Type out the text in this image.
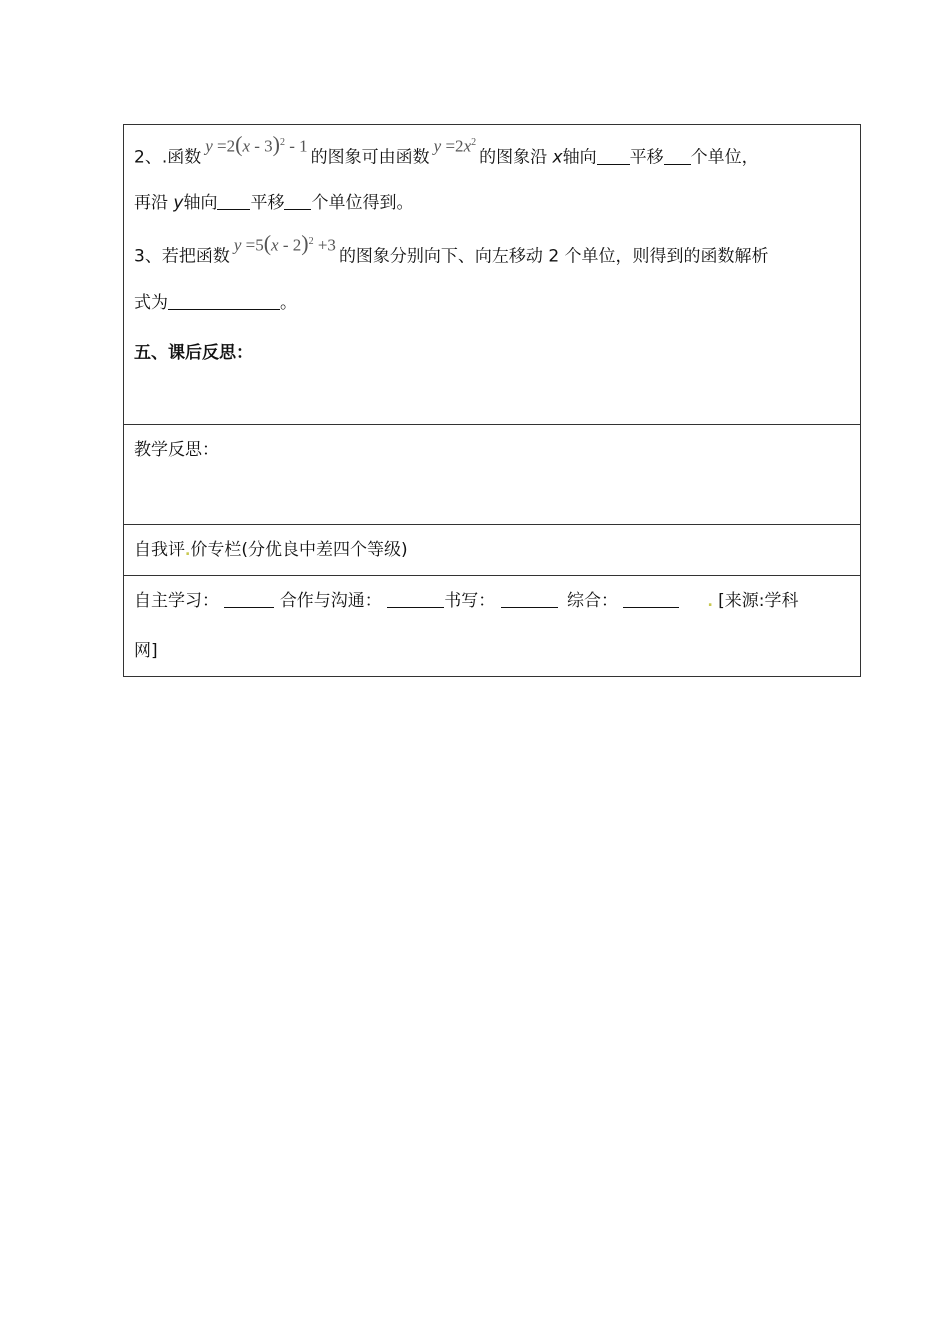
2、.函数y =2(x - 3)$^2$ - 1的图象可由函数$y =2x^2$的图象沿 x轴向 平移 个单位，
再沿 y轴向 平移 个单位得到。
3、若把函数y =5(x - 2)$^2$ +3的图象分别向下、向左移动 2 个单位，则得到的函数解析
式为	。
五、课后反思：

教学反思：

自我评.价专栏(分优良中差四个等级)

自主学习：	合作与沟通：	书写：	综合：	. [来源:学科
网]
